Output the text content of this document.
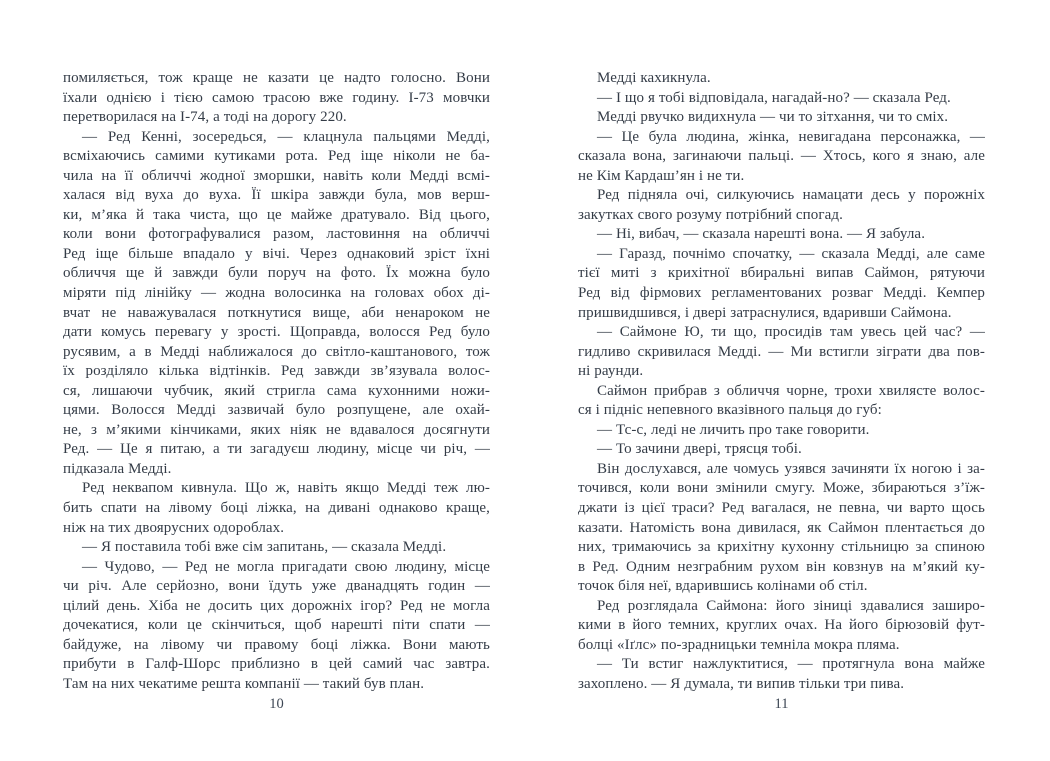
помиляється, тож краще не казати це надто голосно. Вони
їхали однією і тією самою трасою вже годину. І-73 мовчки
перетворилася на І-74, а тоді на дорогу 220.
— Ред Кенні, зосередься, — клацнула пальцями Медді,
всміхаючись самими кутиками рота. Ред іще ніколи не ба-
чила на її обличчі жодної зморшки, навіть коли Медді всмі-
халася від вуха до вуха. Її шкіра завжди була, мов верш-
ки, м’яка й така чиста, що це майже дратувало. Від цього,
коли вони фотографувалися разом, ластовиння на обличчі
Ред іще більше впадало у вічі. Через однаковий зріст їхні
обличчя ще й завжди були поруч на фото. Їх можна було
міряти під лінійку — жодна волосинка на головах обох ді-
вчат не наважувалася поткнутися вище, аби ненароком не
дати комусь перевагу у зрості. Щоправда, волосся Ред було
русявим, а в Медді наближалося до світло-каштанового, тож
їх розділяло кілька відтінків. Ред завжди зв’язувала волос-
ся, лишаючи чубчик, який стригла сама кухонними ножи-
цями. Волосся Медді зазвичай було розпущене, але охай-
не, з м’якими кінчиками, яких ніяк не вдавалося досягнути
Ред. — Це я питаю, а ти загадуєш людину, місце чи річ, —
підказала Медді.
Ред неквапом кивнула. Що ж, навіть якщо Медді теж лю-
бить спати на лівому боці ліжка, на дивані однаково краще,
ніж на тих двоярусних одороблах.
— Я поставила тобі вже сім запитань, — сказала Медді.
— Чудово, — Ред не могла пригадати свою людину, місце
чи річ. Але серйозно, вони їдуть уже дванадцять годин —
цілий день. Хіба не досить цих дорожніх ігор? Ред не могла
дочекатися, коли це скінчиться, щоб нарешті піти спати —
байдуже, на лівому чи правому боці ліжка. Вони мають
прибути в Галф-Шорс приблизно в цей самий час завтра.
Там на них чекатиме решта компанії — такий був план.
10
Медді кахикнула.
— І що я тобі відповідала, нагадай-но? — сказала Ред.
Медді рвучко видихнула — чи то зітхання, чи то сміх.
— Це була людина, жінка, невигадана персонажка, —
сказала вона, загинаючи пальці. — Хтось, кого я знаю, але
не Кім Кардаш’ян і не ти.
Ред підняла очі, силкуючись намацати десь у порожніх
закутках свого розуму потрібний спогад.
— Ні, вибач, — сказала нарешті вона. — Я забула.
— Гаразд, почнімо спочатку, — сказала Медді, але саме
тієї миті з крихітної вбиральні випав Саймон, рятуючи
Ред від фірмових регламентованих розваг Медді. Кемпер
пришвидшився, і двері затраснулися, вдаривши Саймона.
— Саймоне Ю, ти що, просидів там увесь цей час? —
гидливо скривилася Медді. — Ми встигли зіграти два пов-
ні раунди.
Саймон прибрав з обличчя чорне, трохи хвилясте волос-
ся і підніс непевного вказівного пальця до губ:
— Тс-с, леді не личить про таке говорити.
— То зачини двері, трясця тобі.
Він дослухався, але чомусь узявся зачиняти їх ногою і за-
точився, коли вони змінили смугу. Може, збираються з’їж-
джати із цієї траси? Ред вагалася, не певна, чи варто щось
казати. Натомість вона дивилася, як Саймон плентається до
них, тримаючись за крихітну кухонну стільницю за спиною
в Ред. Одним незграбним рухом він ковзнув на м’який ку-
точок біля неї, вдарившись колінами об стіл.
Ред розглядала Саймона: його зіниці здавалися заширо-
кими в його темних, круглих очах. На його бірюзовій фут-
болці «Іґлс» по-зрадницьки темніла мокра пляма.
— Ти встиг нажлуктитися, — протягнула вона майже
захоплено. — Я думала, ти випив тільки три пива.
11
